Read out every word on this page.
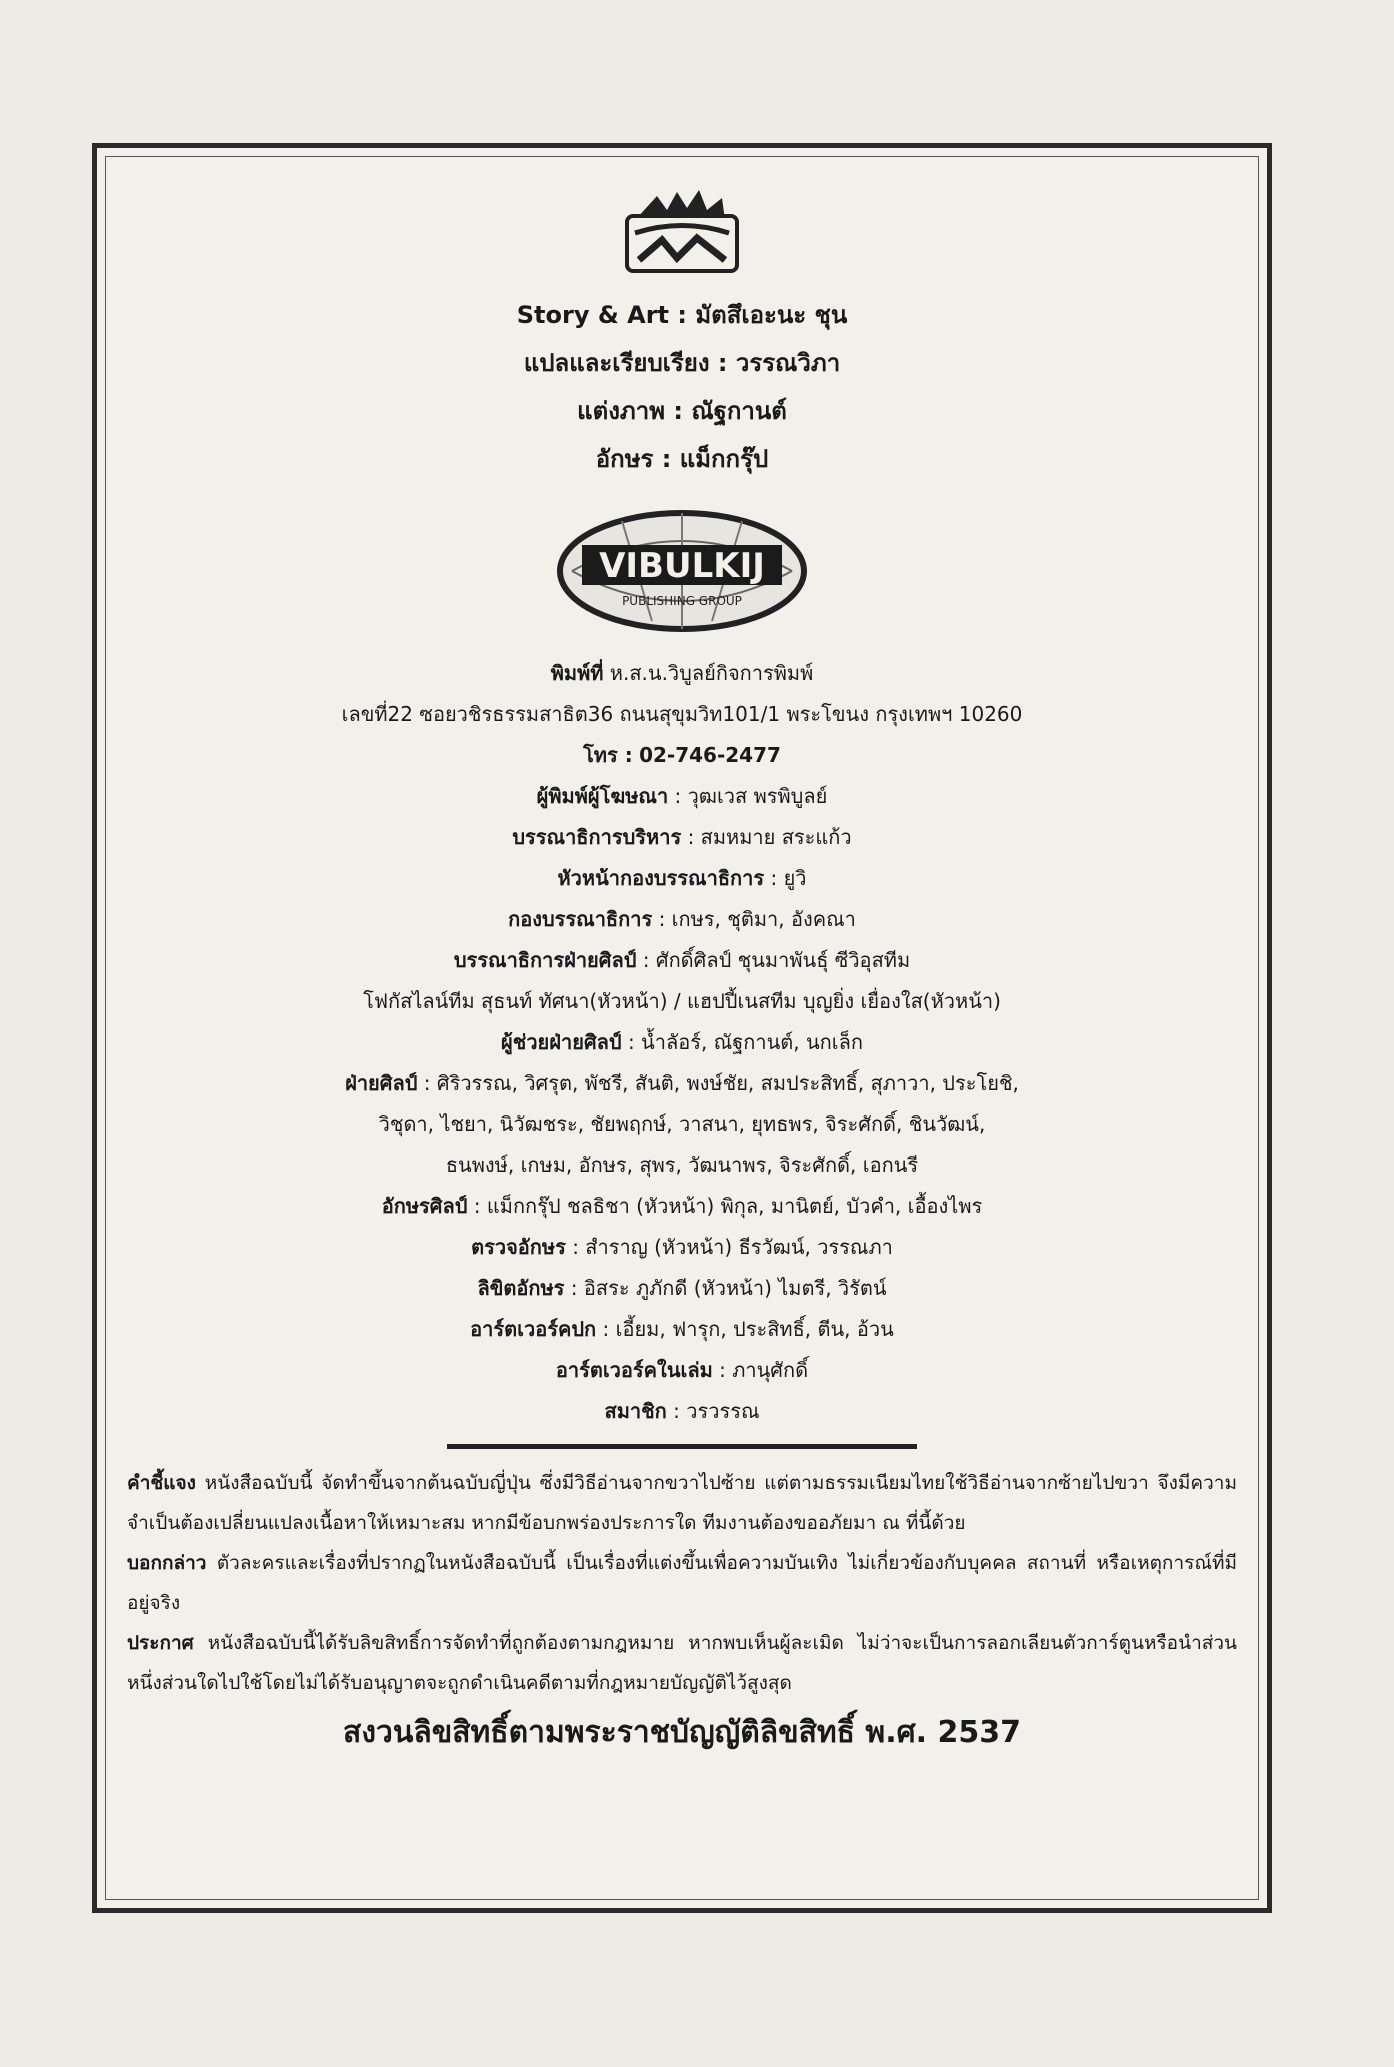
Story & Art : มัตสึเอะนะ ชุน
แปลและเรียบเรียง : วรรณวิภา
แต่งภาพ : ณัฐกานต์
อักษร : แม็กกรุ๊ป
VIBULKIJ
PUBLISHING GROUP
พิมพ์ที่ ห.ส.น.วิบูลย์กิจการพิมพ์
เลขที่22 ซอยวชิรธรรมสาธิต36 ถนนสุขุมวิท101/1 พระโขนง กรุงเทพฯ 10260
โทร : 02-746-2477
ผู้พิมพ์ผู้โฆษณา : วุฒเวส พรพิบูลย์
บรรณาธิการบริหาร : สมหมาย สระแก้ว
หัวหน้ากองบรรณาธิการ : ยูวิ
กองบรรณาธิการ : เกษร, ชุติมา, อังคณา
บรรณาธิการฝ่ายศิลป์ : ศักดิ์ศิลป์ ชุนมาพันธุ์ ซีวิอุสทีม
โฟกัสไลน์ทีม สุธนท์ ทัศนา(หัวหน้า) / แฮปปี้เนสทีม บุญยิ่ง เยื่องใส(หัวหน้า)
ผู้ช่วยฝ่ายศิลป์ : น้ำลัอร์, ณัฐกานต์, นกเล็ก
ฝ่ายศิลป์ : ศิริวรรณ, วิศรุต, พัชรี, สันติ, พงษ์ชัย, สมประสิทธิ์, สุภาวา, ประโยชิ,
วิชุดา, ไชยา, นิวัฒชระ, ชัยพฤกษ์, วาสนา, ยุทธพร, จิระศักดิ์, ชินวัฒน์,
ธนพงษ์, เกษม, อักษร, สุพร, วัฒนาพร, จิระศักดิ์, เอกนรี
อักษรศิลป์ : แม็กกรุ๊ป ชลธิชา (หัวหน้า) พิกุล, มานิตย์, บัวคำ, เอื้องไพร
ตรวจอักษร : สำราญ (หัวหน้า) ธีรวัฒน์, วรรณภา
ลิขิตอักษร : อิสระ ภูภักดี (หัวหน้า) ไมตรี, วิรัตน์
อาร์ตเวอร์คปก : เอี้ยม, ฟารุก, ประสิทธิ์, ตีน, อ้วน
อาร์ตเวอร์คในเล่ม : ภานุศักดิ์
สมาชิก : วรวรรณ
คำชี้แจง หนังสือฉบับนี้ จัดทำขึ้นจากต้นฉบับญี่ปุ่น ซึ่งมีวิธีอ่านจากขวาไปซ้าย แต่ตามธรรมเนียมไทยใช้วิธีอ่านจากซ้ายไปขวา จึงมีความจำเป็นต้องเปลี่ยนแปลงเนื้อหาให้เหมาะสม หากมีข้อบกพร่องประการใด ทีมงานต้องขออภัยมา ณ ที่นี้ด้วย
บอกกล่าว ตัวละครและเรื่องที่ปรากฏในหนังสือฉบับนี้ เป็นเรื่องที่แต่งขึ้นเพื่อความบันเทิง ไม่เกี่ยวข้องกับบุคคล สถานที่ หรือเหตุการณ์ที่มีอยู่จริง
ประกาศ หนังสือฉบับนี้ได้รับลิขสิทธิ์การจัดทำที่ถูกต้องตามกฎหมาย หากพบเห็นผู้ละเมิด ไม่ว่าจะเป็นการลอกเลียนตัวการ์ตูนหรือนำส่วนหนึ่งส่วนใดไปใช้โดยไม่ได้รับอนุญาตจะถูกดำเนินคดีตามที่กฎหมายบัญญัติไว้สูงสุด
สงวนลิขสิทธิ์ตามพระราชบัญญัติลิขสิทธิ์ พ.ศ. 2537
